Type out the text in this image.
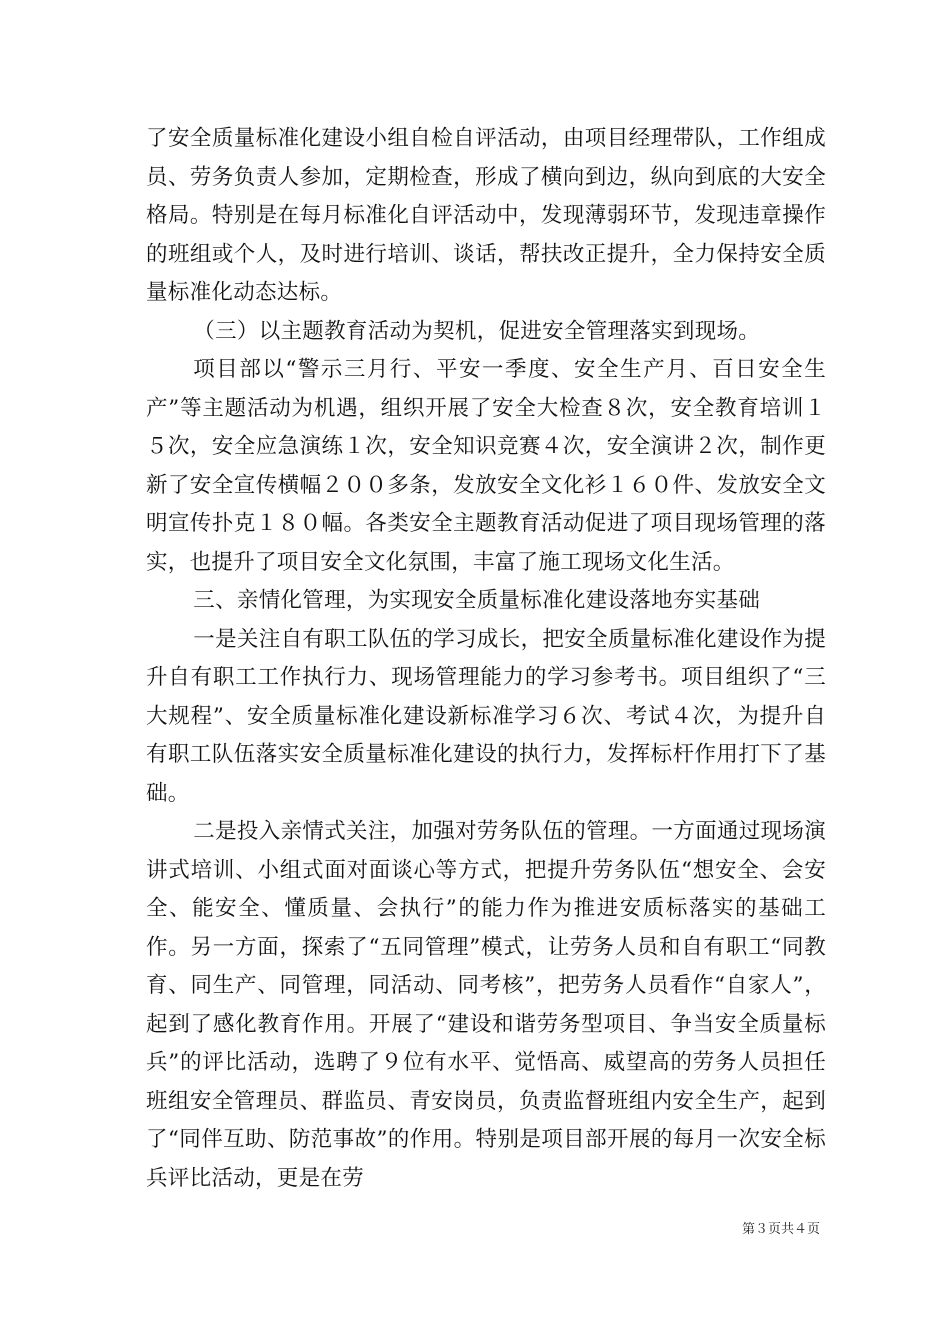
了安全质量标准化建设小组自检自评活动，由项目经理带队，工作组成员、劳务负责人参加，定期检查，形成了横向到边，纵向到底的大安全格局。特别是在每月标准化自评活动中，发现薄弱环节，发现违章操作的班组或个人，及时进行培训、谈话，帮扶改正提升，全力保持安全质量标准化动态达标。

（三）以主题教育活动为契机，促进安全管理落实到现场。

项目部以“警示三月行、平安一季度、安全生产月、百日安全生产”等主题活动为机遇，组织开展了安全大检查８次，安全教育培训１５次，安全应急演练１次，安全知识竞赛４次，安全演讲２次，制作更新了安全宣传横幅２００多条，发放安全文化衫１６０件、发放安全文明宣传扑克１８０幅。各类安全主题教育活动促进了项目现场管理的落实，也提升了项目安全文化氛围，丰富了施工现场文化生活。

三、亲情化管理，为实现安全质量标准化建设落地夯实基础

一是关注自有职工队伍的学习成长，把安全质量标准化建设作为提升自有职工工作执行力、现场管理能力的学习参考书。项目组织了“三大规程”、安全质量标准化建设新标准学习６次、考试４次，为提升自有职工队伍落实安全质量标准化建设的执行力，发挥标杆作用打下了基础。

二是投入亲情式关注，加强对劳务队伍的管理。一方面通过现场演讲式培训、小组式面对面谈心等方式，把提升劳务队伍“想安全、会安全、能安全、懂质量、会执行”的能力作为推进安质标落实的基础工作。另一方面，探索了“五同管理”模式，让劳务人员和自有职工“同教育、同生产、同管理，同活动、同考核”，把劳务人员看作“自家人”，起到了感化教育作用。开展了“建设和谐劳务型项目、争当安全质量标兵”的评比活动，选聘了９位有水平、觉悟高、威望高的劳务人员担任班组安全管理员、群监员、青安岗员，负责监督班组内安全生产，起到了“同伴互助、防范事故”的作用。特别是项目部开展的每月一次安全标兵评比活动，更是在劳

第３页共４页
